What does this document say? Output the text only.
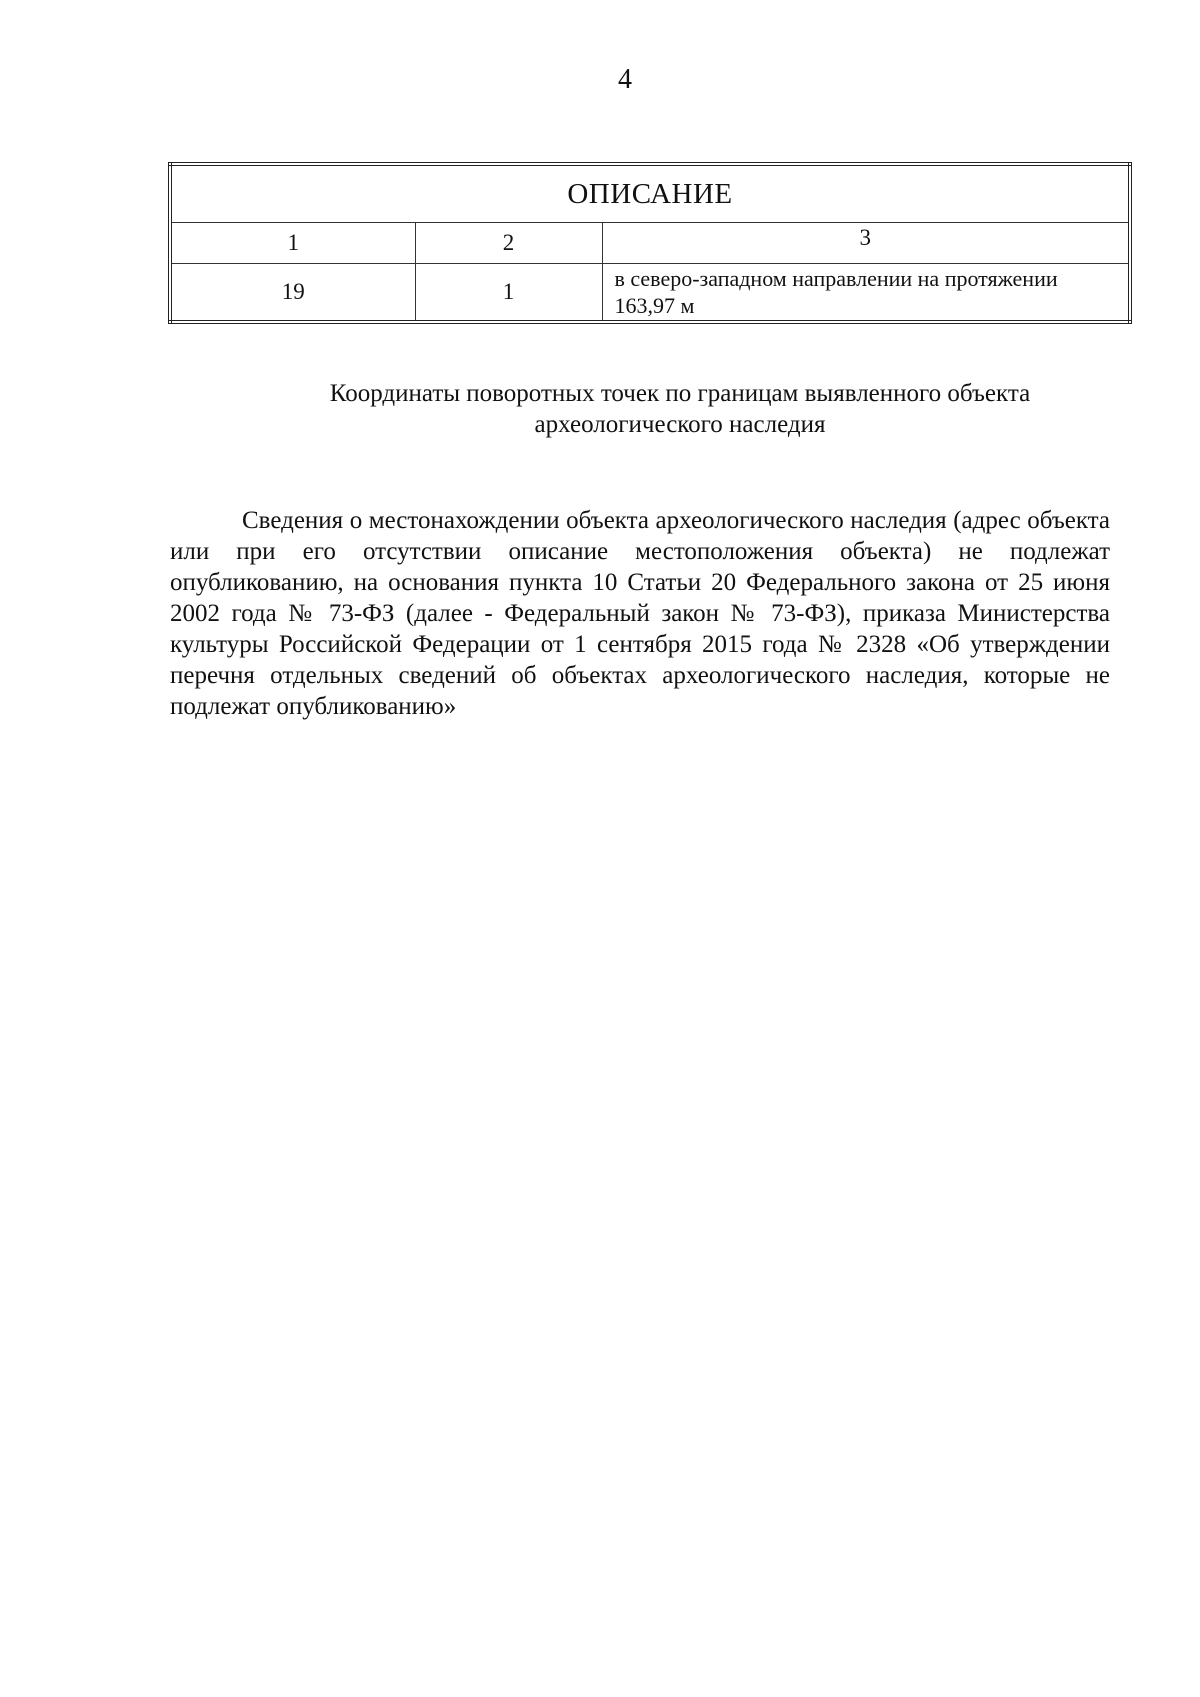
4
ОПИСАНИЕ		
1	2	3
19	1	в северо-западном направлении на протяжении 163,97 м
Координаты поворотных точек по границам выявленного объекта археологического наследия

Сведения о местонахождении объекта археологического наследия (адрес объекта или при его отсутствии описание местоположения объекта) не подлежат опубликованию, на основания пункта 10 Статьи 20 Федерального закона от 25 июня 2002 года № 73-ФЗ (далее - Федеральный закон № 73-ФЗ), приказа Министерства культуры Российской Федерации от 1 сентября 2015 года № 2328 «Об утверждении перечня отдельных сведений об объектах археологического наследия, которые не подлежат опубликованию»
